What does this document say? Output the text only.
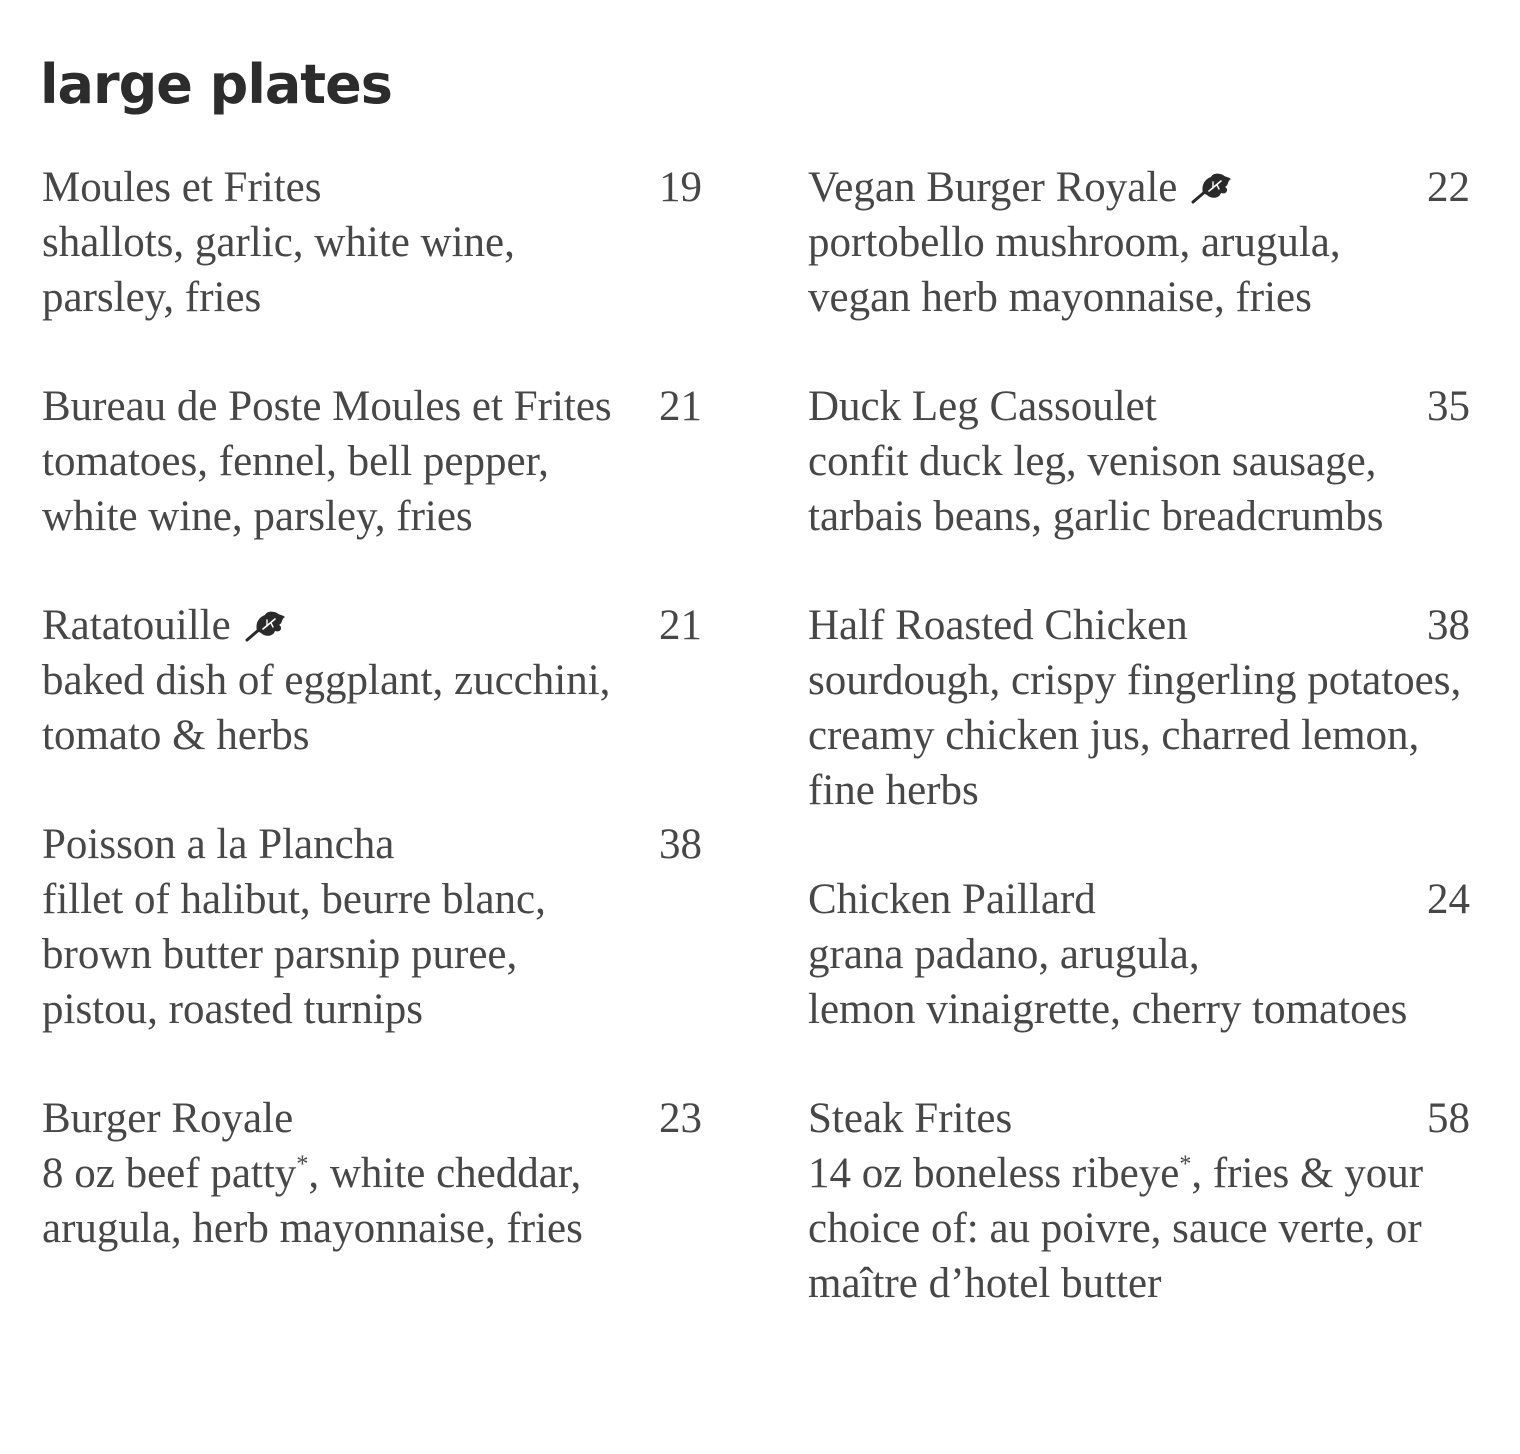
large plates
Moules et Frites	19

shallots, garlic, white wine,
parsley, fries

Bureau de Poste Moules et Frites 21

tomatoes, fennel, bell pepper,
white wine, parsley, fries

Ratatouille	21

baked dish of eggplant, zucchini,
tomato & herbs

Poisson a la Plancha	38

fillet of halibut, beurre blanc,
brown butter parsnip puree,
pistou, roasted turnips

Burger Royale	23

8 oz beef patty*, white cheddar,
arugula, herb mayonnaise, fries

Vegan Burger Royale	22

portobello mushroom, arugula,
vegan herb mayonnaise, fries

Duck Leg Cassoulet	35

confit duck leg, venison sausage,
tarbais beans, garlic breadcrumbs

Half Roasted Chicken	38

sourdough, crispy fingerling potatoes,
creamy chicken jus, charred lemon,
fine herbs

Chicken Paillard	24

grana padano, arugula,
lemon vinaigrette, cherry tomatoes

Steak Frites	58

14 oz boneless ribeye*, fries & your
choice of: au poivre, sauce verte, or
maître d’hotel butter
